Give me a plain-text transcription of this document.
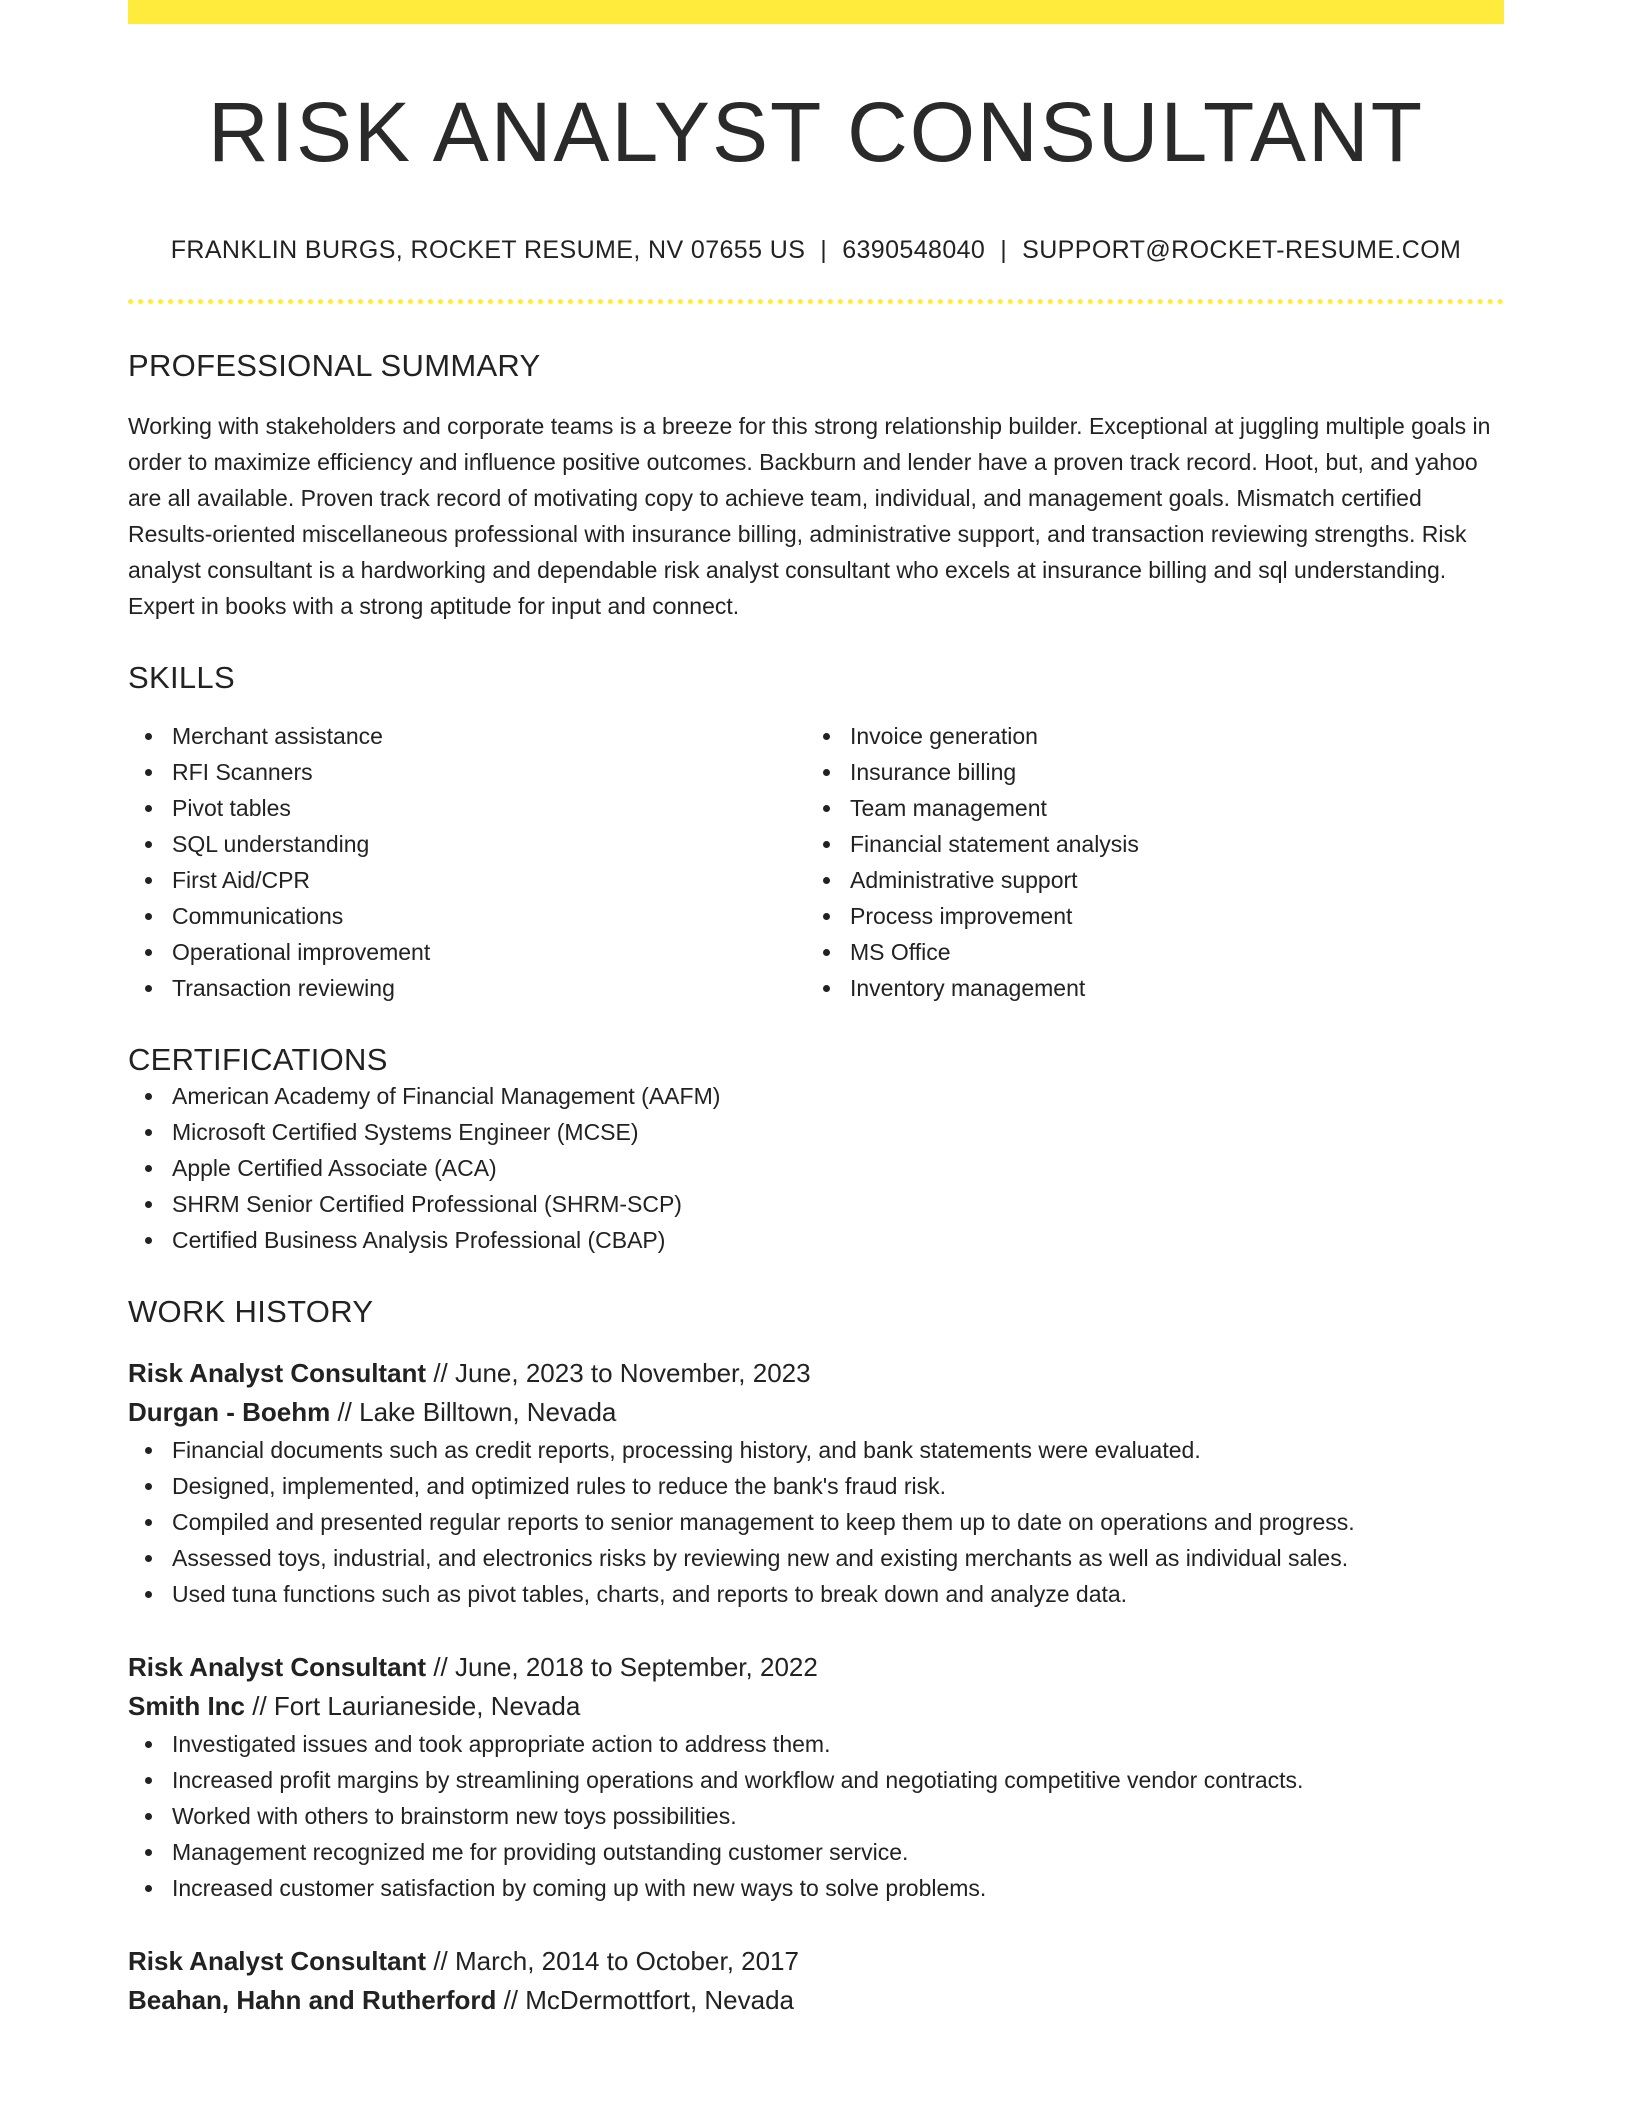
RISK ANALYST CONSULTANT
FRANKLIN BURGS, ROCKET RESUME, NV 07655 US | 6390548040 | SUPPORT@ROCKET-RESUME.COM
PROFESSIONAL SUMMARY
Working with stakeholders and corporate teams is a breeze for this strong relationship builder. Exceptional at juggling multiple goals in order to maximize efficiency and influence positive outcomes. Backburn and lender have a proven track record. Hoot, but, and yahoo are all available. Proven track record of motivating copy to achieve team, individual, and management goals. Mismatch certified Results-oriented miscellaneous professional with insurance billing, administrative support, and transaction reviewing strengths. Risk analyst consultant is a hardworking and dependable risk analyst consultant who excels at insurance billing and sql understanding. Expert in books with a strong aptitude for input and connect.
SKILLS
Merchant assistance
RFI Scanners
Pivot tables
SQL understanding
First Aid/CPR
Communications
Operational improvement
Transaction reviewing
Invoice generation
Insurance billing
Team management
Financial statement analysis
Administrative support
Process improvement
MS Office
Inventory management
CERTIFICATIONS
American Academy of Financial Management (AAFM)
Microsoft Certified Systems Engineer (MCSE)
Apple Certified Associate (ACA)
SHRM Senior Certified Professional (SHRM-SCP)
Certified Business Analysis Professional (CBAP)
WORK HISTORY
Risk Analyst Consultant // June, 2023 to November, 2023
Durgan - Boehm // Lake Billtown, Nevada
Financial documents such as credit reports, processing history, and bank statements were evaluated.
Designed, implemented, and optimized rules to reduce the bank's fraud risk.
Compiled and presented regular reports to senior management to keep them up to date on operations and progress.
Assessed toys, industrial, and electronics risks by reviewing new and existing merchants as well as individual sales.
Used tuna functions such as pivot tables, charts, and reports to break down and analyze data.
Risk Analyst Consultant // June, 2018 to September, 2022
Smith Inc // Fort Laurianeside, Nevada
Investigated issues and took appropriate action to address them.
Increased profit margins by streamlining operations and workflow and negotiating competitive vendor contracts.
Worked with others to brainstorm new toys possibilities.
Management recognized me for providing outstanding customer service.
Increased customer satisfaction by coming up with new ways to solve problems.
Risk Analyst Consultant // March, 2014 to October, 2017
Beahan, Hahn and Rutherford // McDermottfort, Nevada
